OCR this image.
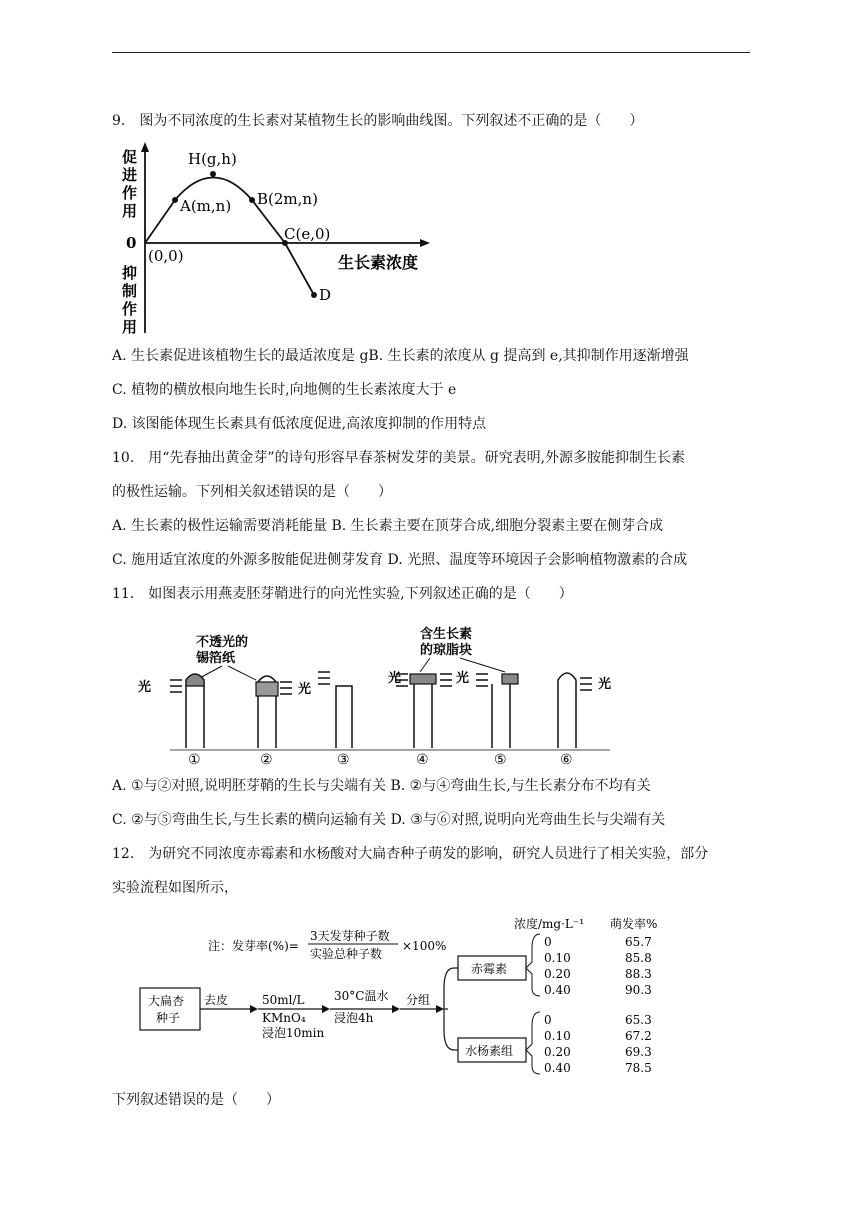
9.　图为不同浓度的生长素对某植物生长的影响曲线图。下列叙述不正确的是（　　）
促
进
作
用
0
抑
制
作
用
H(g,h)
A(m,n) B(2m,n)
C(e,0)
(0,0)
D
生长素浓度
A. 生长素促进该植物生长的最适浓度是 gB. 生长素的浓度从 g 提高到 e,其抑制作用逐渐增强
C. 植物的横放根向地生长时,向地侧的生长素浓度大于 e
D. 该图能体现生长素具有低浓度促进,高浓度抑制的作用特点
10.　用“先春抽出黄金芽”的诗句形容早春茶树发芽的美景。研究表明,外源多胺能抑制生长素
的极性运输。下列相关叙述错误的是（　　）
A. 生长素的极性运输需要消耗能量 B. 生长素主要在顶芽合成,细胞分裂素主要在侧芽合成
C. 施用适宜浓度的外源多胺能促进侧芽发育 D. 光照、温度等环境因子会影响植物激素的合成
11.　如图表示用燕麦胚芽鞘进行的向光性实验,下列叙述正确的是（　　）
不透光的
锡箔纸
含生长素
的琼脂块
光	光
光	光	光
①	②	③	④	⑤	⑥
A. ①与②对照,说明胚芽鞘的生长与尖端有关 B. ②与④弯曲生长,与生长素分布不均有关
C. ②与⑤弯曲生长,与生长素的横向运输有关 D. ③与⑥对照,说明向光弯曲生长与尖端有关
12.　为研究不同浓度赤霉素和水杨酸对大扁杏种子萌发的影响，研究人员进行了相关实验，部分
实验流程如图所示，
注：发芽率(%)=
3天发芽种子数
实验总种子数
×100%
浓度/mg·L⁻¹ 萌发率%
大扁杏
种子
去皮	50ml/L
KMnO₄
浸泡10min
30°C温水
浸泡4h
分组
赤霉素
水杨素组
0	65.7
0.10	85.8
0.20	88.3
0.40	90.3
0	65.3
0.10	67.2
0.20	69.3
0.40	78.5
下列叙述错误的是（　　）
